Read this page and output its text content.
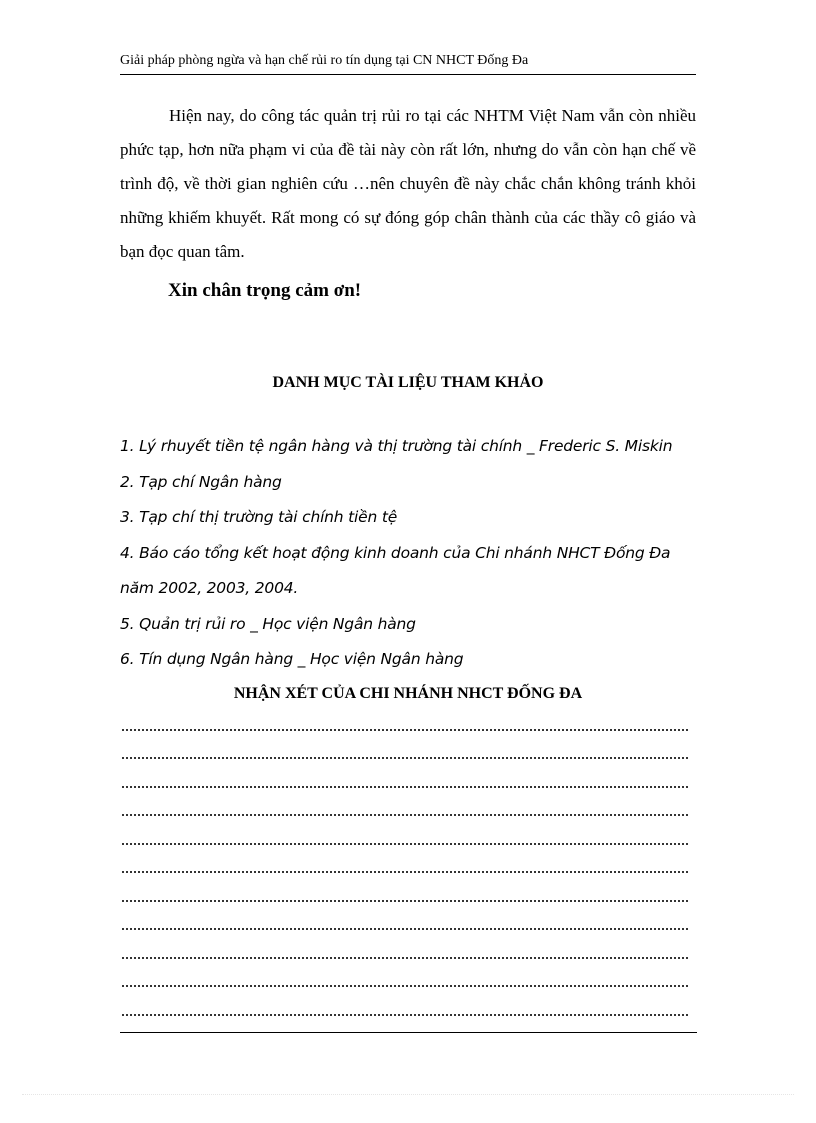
Giải pháp phòng ngừa và hạn chế rủi ro tín dụng tại CN NHCT Đống Đa

Hiện nay, do công tác quản trị rủi ro tại các NHTM Việt Nam vẫn còn nhiều phức tạp, hơn nữa phạm vi của đề tài này còn rất lớn, nhưng do vẫn còn hạn chế về trình độ, về thời gian nghiên cứu …nên chuyên đề này chắc chắn không tránh khỏi những khiếm khuyết. Rất mong có sự đóng góp chân thành của các thầy cô giáo và bạn đọc quan tâm.

Xin chân trọng cảm ơn!

DANH MỤC TÀI LIỆU THAM KHẢO
1. Lý rhuyết tiền tệ ngân hàng và thị trường tài chính _ Frederic S. Miskin
2. Tạp chí Ngân hàng
3. Tạp chí thị trường tài chính tiền tệ
4. Báo cáo tổng kết hoạt động kinh doanh của Chi nhánh NHCT Đống Đa năm 2002, 2003, 2004.
5. Quản trị rủi ro _ Học viện Ngân hàng
6. Tín dụng Ngân hàng _ Học viện Ngân hàng
NHẬN XÉT CỦA CHI NHÁNH NHCT ĐỐNG ĐA
